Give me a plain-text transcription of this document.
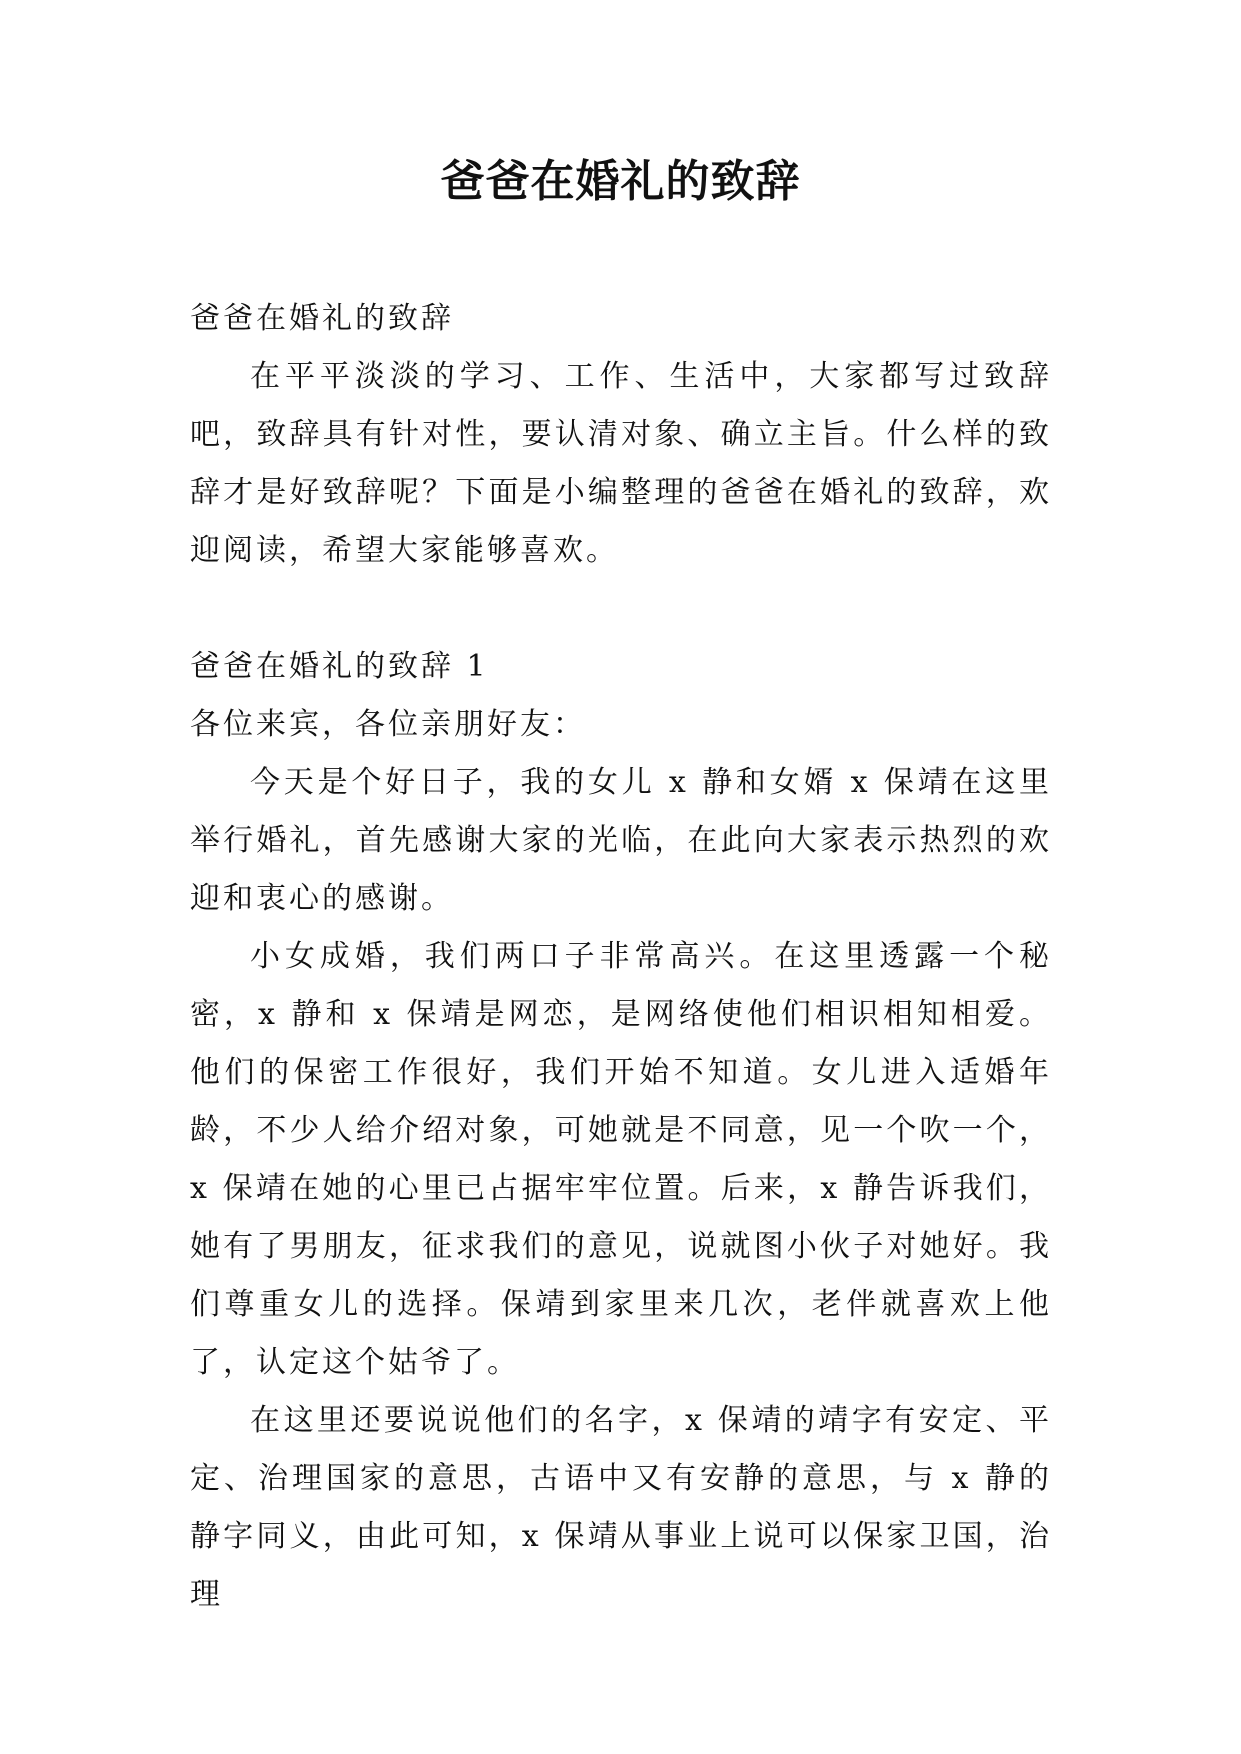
爸爸在婚礼的致辞

爸爸在婚礼的致辞

在平平淡淡的学习、工作、生活中，大家都写过致辞吧，致辞具有针对性，要认清对象、确立主旨。什么样的致辞才是好致辞呢？下面是小编整理的爸爸在婚礼的致辞，欢迎阅读，希望大家能够喜欢。

爸爸在婚礼的致辞 1

各位来宾，各位亲朋好友：

今天是个好日子，我的女儿 x 静和女婿 x 保靖在这里举行婚礼，首先感谢大家的光临，在此向大家表示热烈的欢迎和衷心的感谢。

小女成婚，我们两口子非常高兴。在这里透露一个秘密，x 静和 x 保靖是网恋，是网络使他们相识相知相爱。他们的保密工作很好，我们开始不知道。女儿进入适婚年龄，不少人给介绍对象，可她就是不同意，见一个吹一个，x 保靖在她的心里已占据牢牢位置。后来，x 静告诉我们，她有了男朋友，征求我们的意见，说就图小伙子对她好。我们尊重女儿的选择。保靖到家里来几次，老伴就喜欢上他了，认定这个姑爷了。

在这里还要说说他们的名字，x 保靖的靖字有安定、平定、治理国家的意思，古语中又有安静的意思，与 x 静的静字同义，由此可知，x 保靖从事业上说可以保家卫国，治理
